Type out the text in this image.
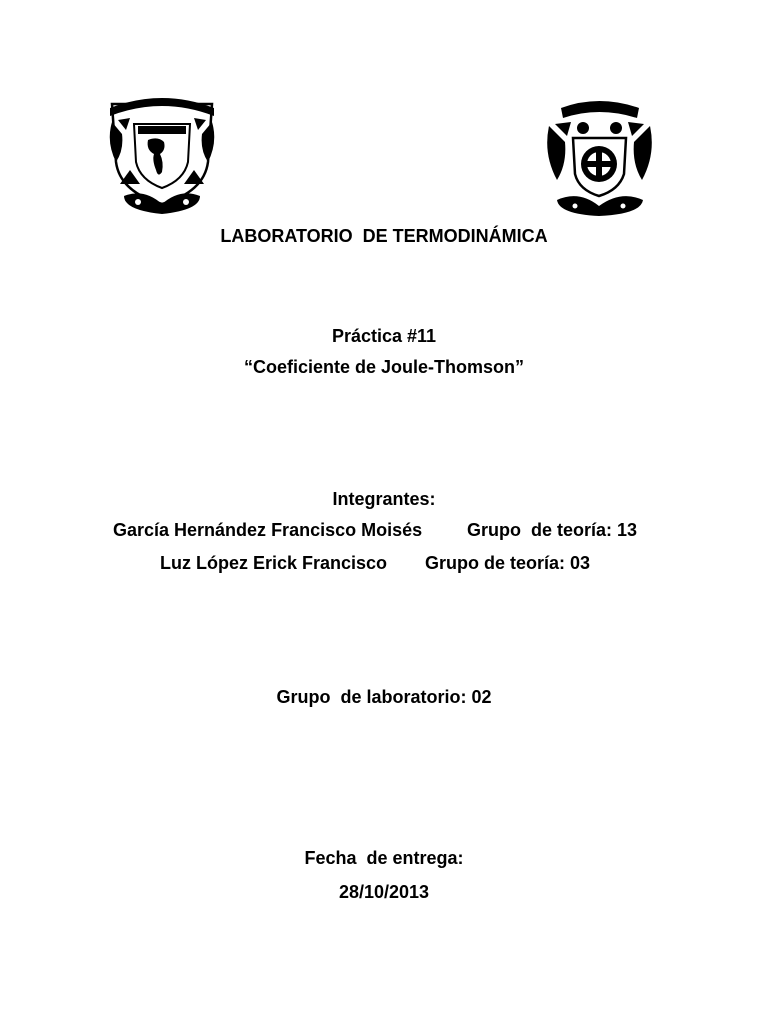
LABORATORIO  DE TERMODINÁMICA
Práctica #11
“Coeficiente de Joule-Thomson”
Integrantes:
García Hernández Francisco Moisés Grupo  de teoría: 13
Luz López Erick Francisco Grupo de teoría: 03
Grupo  de laboratorio: 02
Fecha  de entrega:
28/10/2013
